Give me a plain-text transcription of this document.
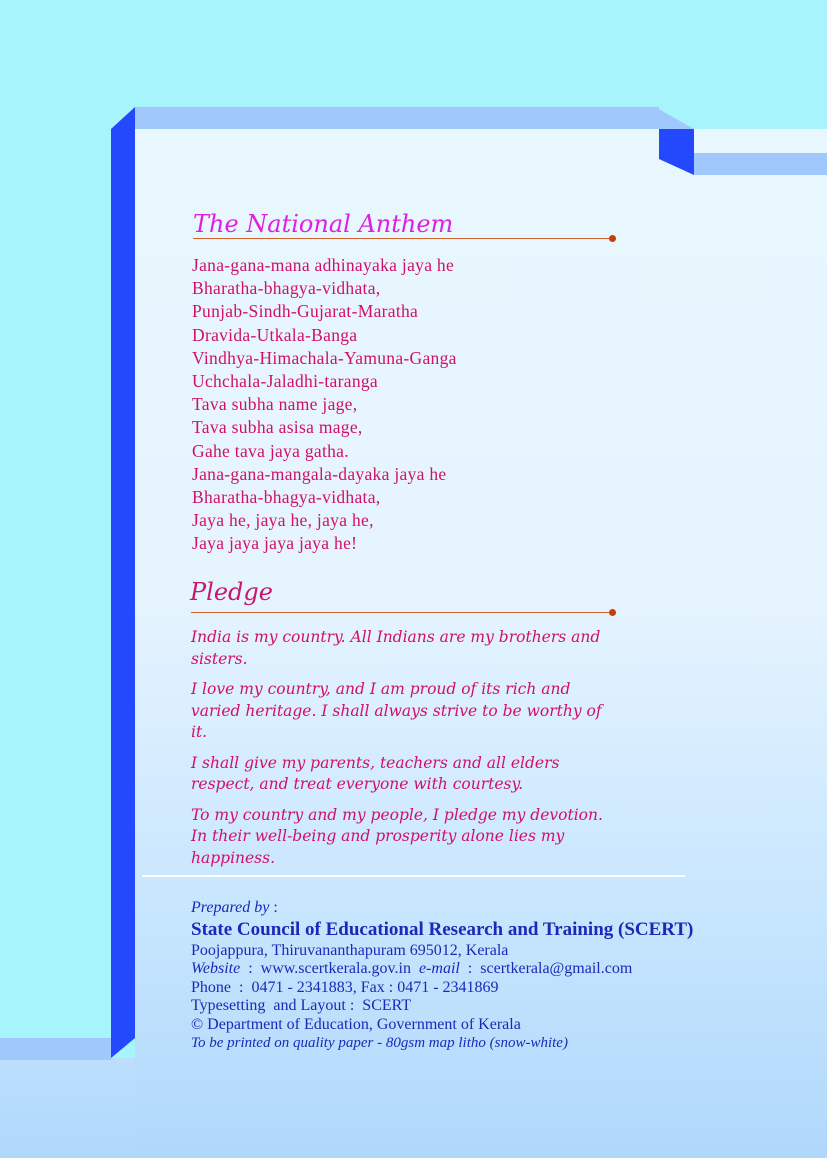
The National Anthem
Jana-gana-mana adhinayaka jaya he
Bharatha-bhagya-vidhata,
Punjab-Sindh-Gujarat-Maratha
Dravida-Utkala-Banga
Vindhya-Himachala-Yamuna-Ganga
Uchchala-Jaladhi-taranga
Tava subha name jage,
Tava subha asisa mage,
Gahe tava jaya gatha.
Jana-gana-mangala-dayaka jaya he
Bharatha-bhagya-vidhata,
Jaya he, jaya he, jaya he,
Jaya jaya jaya jaya he!
Pledge

India is my country. All Indians are my brothers and sisters.

I love my country, and I am proud of its rich and varied heritage. I shall always strive to be worthy of it.

I shall give my parents, teachers and all elders respect, and treat everyone with courtesy.

To my country and my people, I pledge my devotion. In their well-being and prosperity alone lies my happiness.

Prepared by :
State Council of Educational Research and Training (SCERT)
Poojappura, Thiruvananthapuram 695012, Kerala
Website  :  www.scertkerala.gov.in  e-mail  :  scertkerala@gmail.com
Phone  :  0471 - 2341883, Fax : 0471 - 2341869
Typesetting  and Layout :  SCERT
© Department of Education, Government of Kerala
To be printed on quality paper - 80gsm map litho (snow-white)
